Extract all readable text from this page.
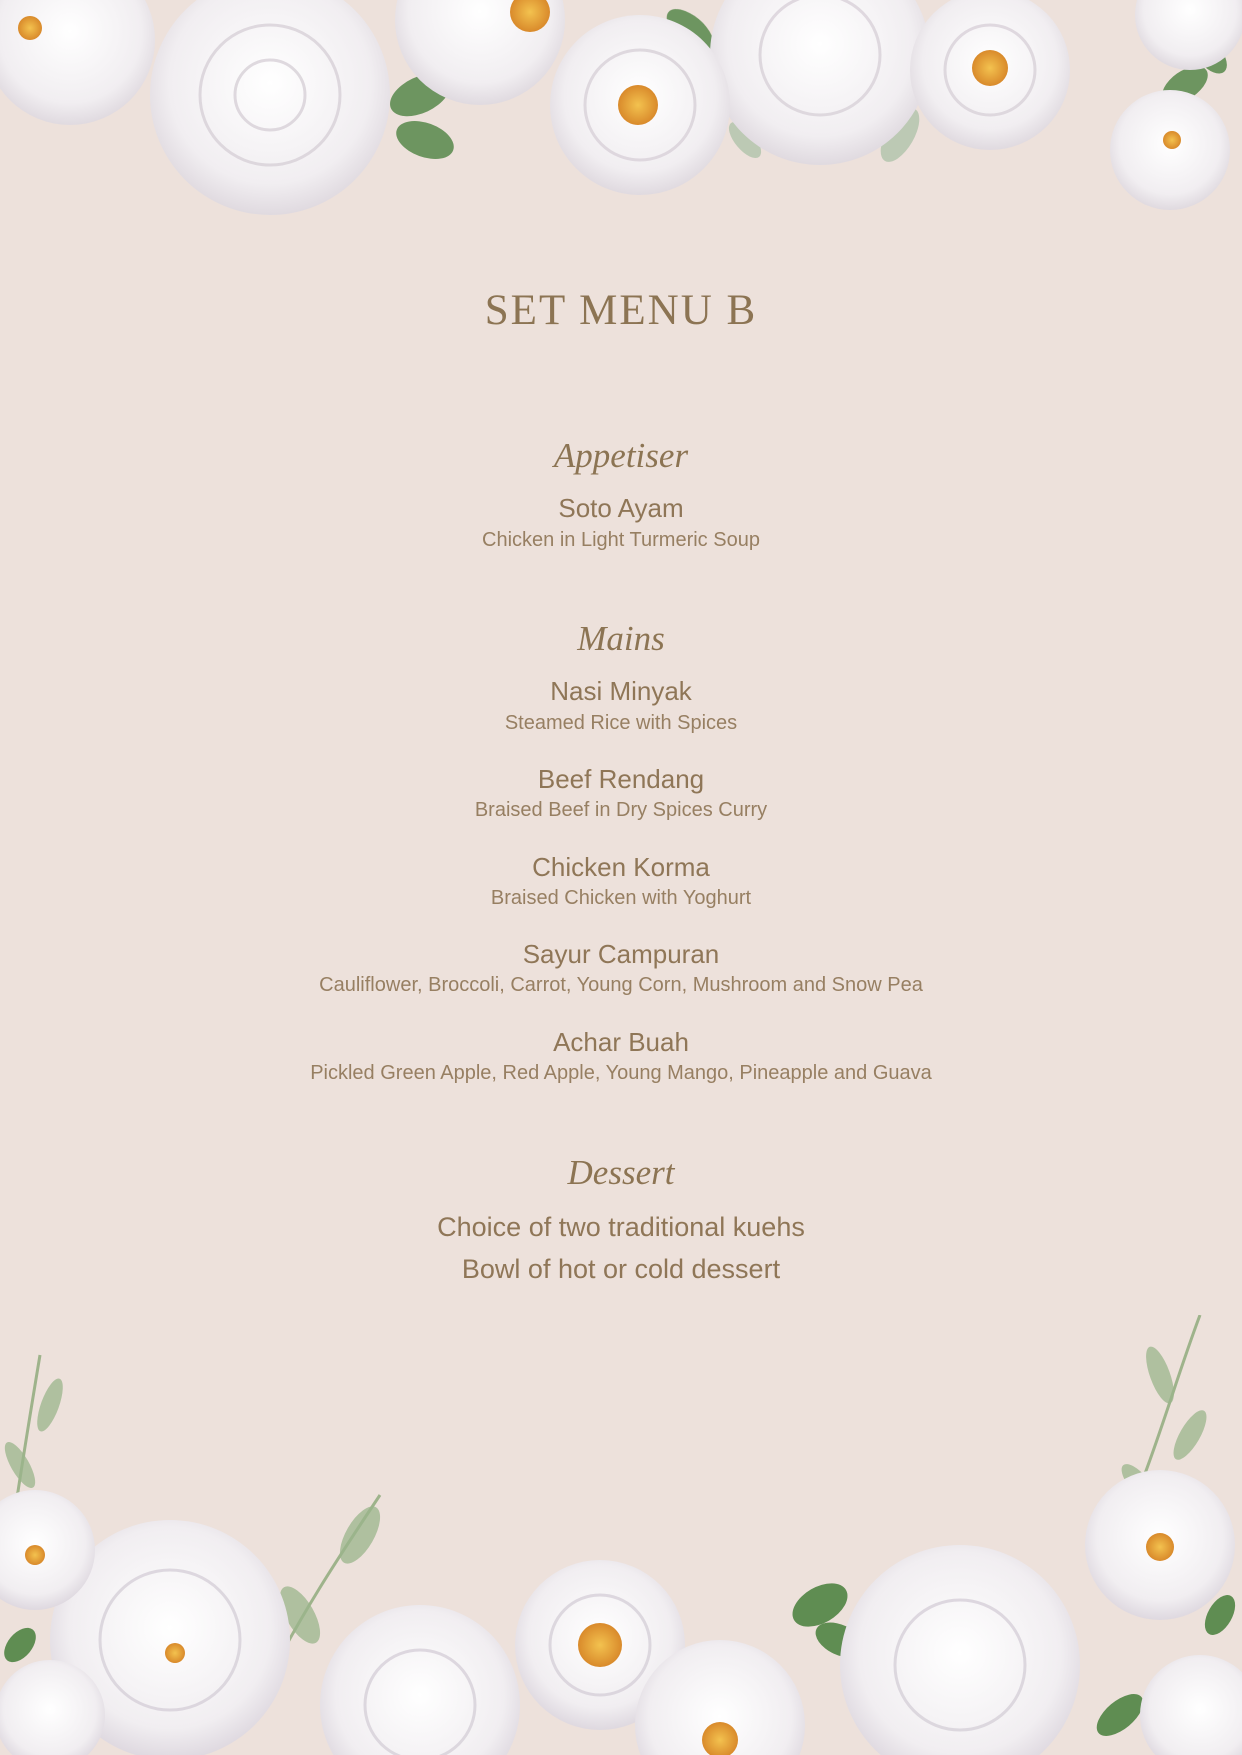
SET MENU B
Appetiser
Soto Ayam
Chicken in Light Turmeric Soup
Mains
Nasi Minyak
Steamed Rice with Spices
Beef Rendang
Braised Beef in Dry Spices Curry
Chicken Korma
Braised Chicken with Yoghurt
Sayur Campuran
Cauliflower, Broccoli, Carrot, Young Corn, Mushroom and Snow Pea
Achar Buah
Pickled Green Apple, Red Apple, Young Mango, Pineapple and Guava
Dessert
Choice of two traditional kuehs
Bowl of hot or cold dessert
